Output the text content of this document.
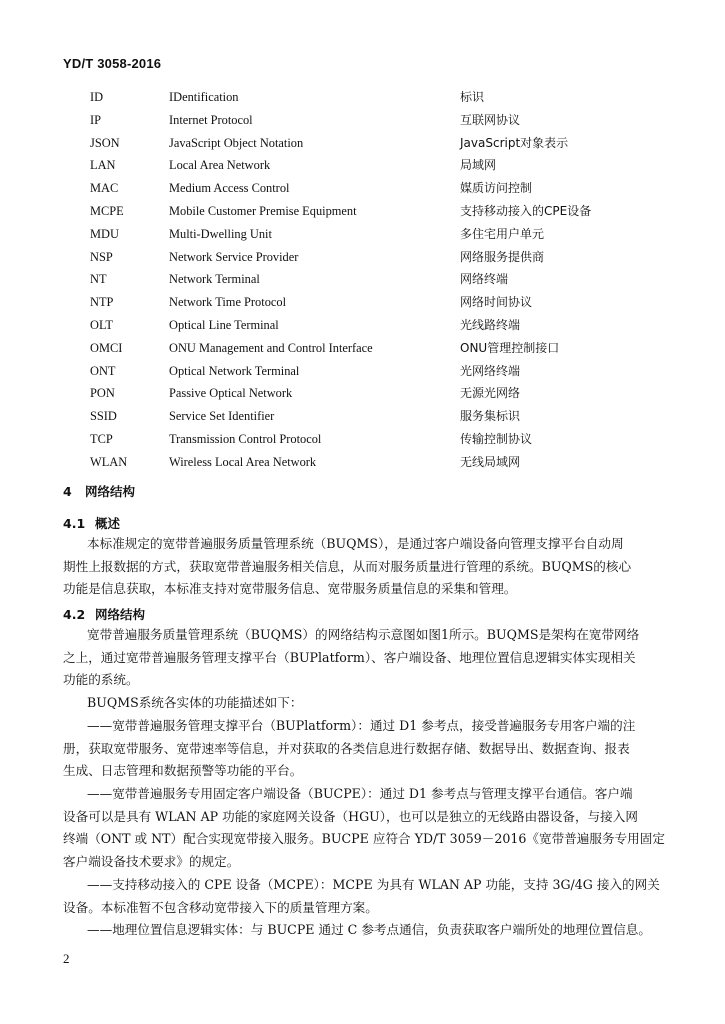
YD/T 3058-2016
ID	IDentification	标识
IP	Internet Protocol	互联网协议
JSON	JavaScript Object Notation	JavaScript对象表示
LAN	Local Area Network	局域网
MAC	Medium Access Control	媒质访问控制
MCPE	Mobile Customer Premise Equipment	支持移动接入的CPE设备
MDU	Multi-Dwelling Unit	多住宅用户单元
NSP	Network Service Provider	网络服务提供商
NT	Network Terminal	网络终端
NTP	Network Time Protocol	网络时间协议
OLT	Optical Line Terminal	光线路终端
OMCI	ONU Management and Control Interface	ONU管理控制接口
ONT	Optical Network Terminal	光网络终端
PON	Passive Optical Network	无源光网络
SSID	Service Set Identifier	服务集标识
TCP	Transmission Control Protocol	传输控制协议
WLAN	Wireless Local Area Network	无线局域网
4 网络结构
4.1 概述
本标准规定的宽带普遍服务质量管理系统（BUQMS），是通过客户端设备向管理支撑平台自动周
期性上报数据的方式，获取宽带普遍服务相关信息，从而对服务质量进行管理的系统。BUQMS的核心
功能是信息获取，本标准支持对宽带服务信息、宽带服务质量信息的采集和管理。
4.2 网络结构
宽带普遍服务质量管理系统（BUQMS）的网络结构示意图如图1所示。BUQMS是架构在宽带网络
之上，通过宽带普遍服务管理支撑平台（BUPlatform）、客户端设备、地理位置信息逻辑实体实现相关
功能的系统。
BUQMS系统各实体的功能描述如下：
——宽带普遍服务管理支撑平台（BUPlatform）：通过 D1 参考点，接受普遍服务专用客户端的注
册，获取宽带服务、宽带速率等信息，并对获取的各类信息进行数据存储、数据导出、数据查询、报表
生成、日志管理和数据预警等功能的平台。
——宽带普遍服务专用固定客户端设备（BUCPE）：通过 D1 参考点与管理支撑平台通信。客户端
设备可以是具有 WLAN AP 功能的家庭网关设备（HGU），也可以是独立的无线路由器设备，与接入网
终端（ONT 或 NT）配合实现宽带接入服务。BUCPE 应符合 YD/T 3059－2016《宽带普遍服务专用固定
客户端设备技术要求》的规定。
——支持移动接入的 CPE 设备（MCPE）：MCPE 为具有 WLAN AP 功能，支持 3G/4G 接入的网关
设备。本标准暂不包含移动宽带接入下的质量管理方案。
——地理位置信息逻辑实体：与 BUCPE 通过 C 参考点通信，负责获取客户端所处的地理位置信息。
2
